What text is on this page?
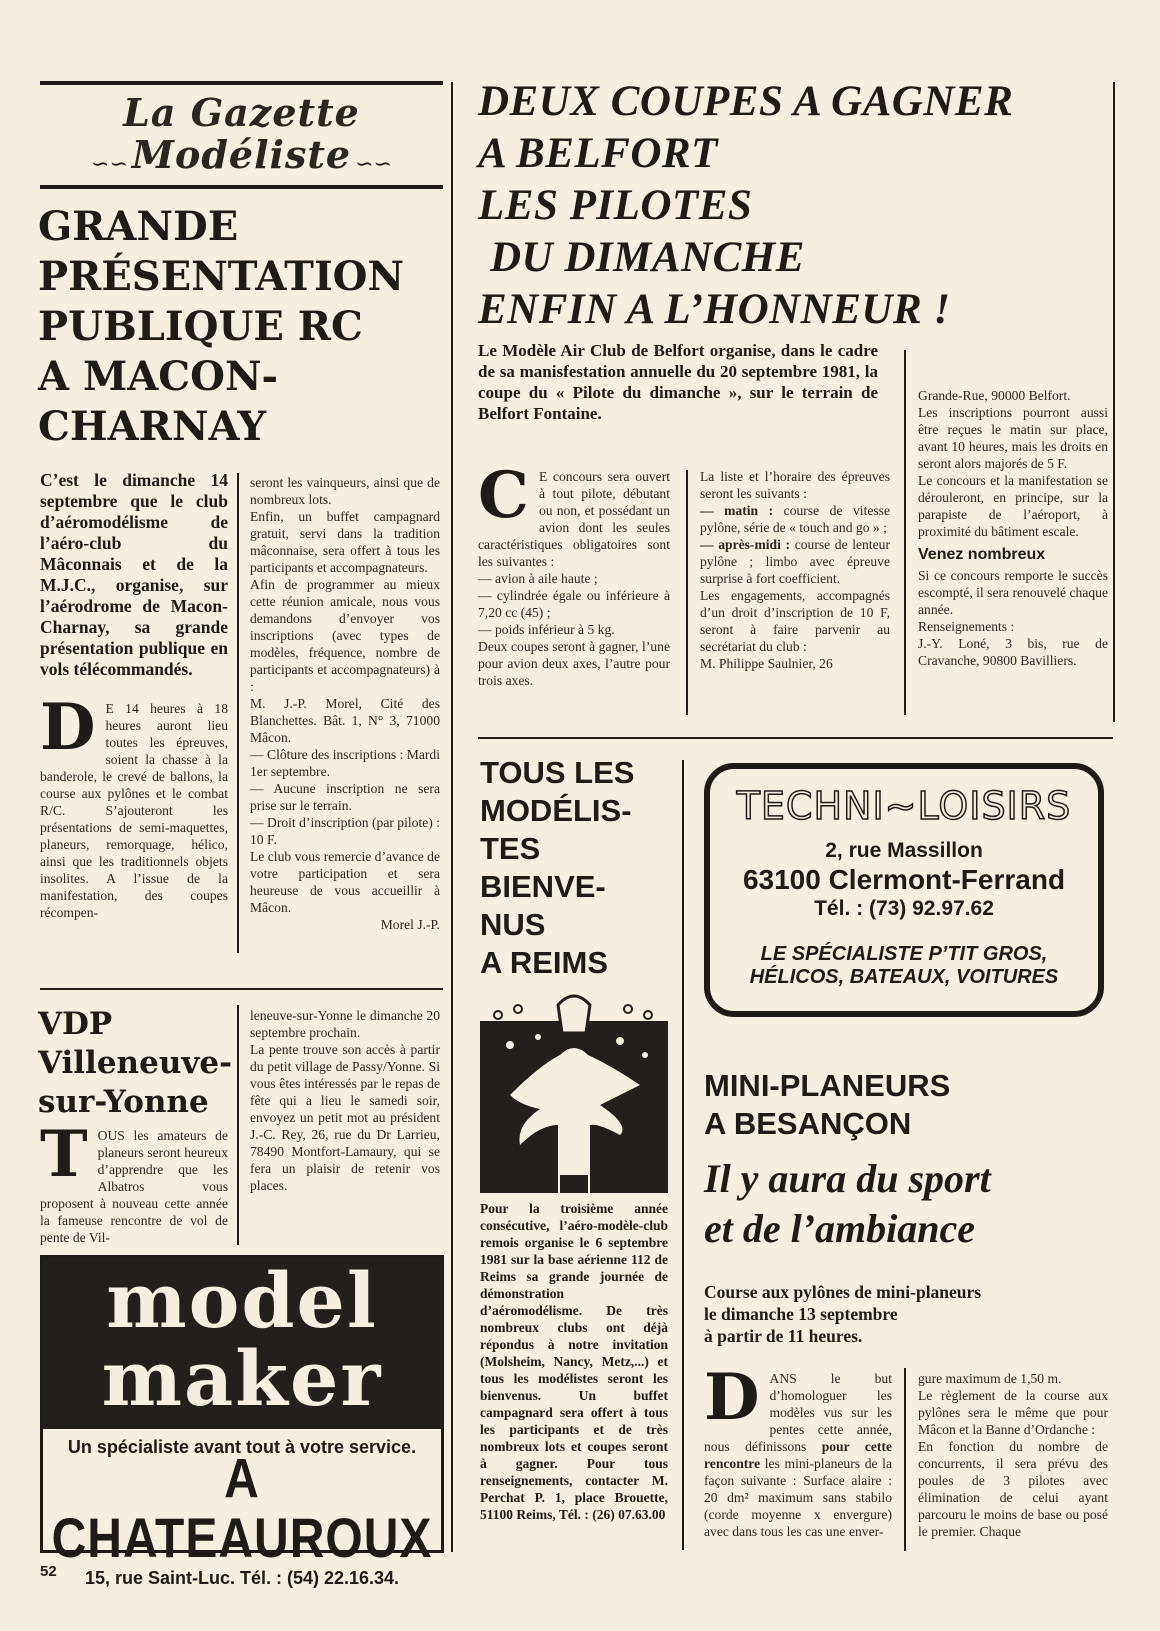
La Gazette
∽∽ Modéliste ∽∽
GRANDE
PRÉSENTATION
PUBLIQUE RC
A MACON-
CHARNAY

C’est le dimanche 14 septembre que le club d’aéromodélisme de l’aéro-club du Mâconnais et de la M.J.C., organise, sur l’aérodrome de Macon-Charnay, sa grande présentation publique en vols télécommandés.

D E 14 heures à 18 heures auront lieu toutes les épreuves, soient la chasse à la banderole, le crevé de ballons, la course aux pylônes et le combat R/C. S’ajouteront les présentations de semi-maquettes, planeurs, remorquage, hélico, ainsi que les traditionnels objets insolites. A l’issue de la manifestation, des coupes récompen-

seront les vainqueurs, ainsi que de nombreux lots.

Enfin, un buffet campagnard gratuit, servi dans la tradition mâconnaise, sera offert à tous les participants et accompagnateurs.

Afin de programmer au mieux cette réunion amicale, nous vous demandons d’envoyer vos inscriptions (avec types de modèles, fréquence, nombre de participants et accompagnateurs) à :

M. J.-P. Morel, Cité des Blanchettes. Bât. 1, N° 3, 71000 Mâcon.

— Clôture des inscriptions : Mardi 1er septembre.

— Aucune inscription ne sera prise sur le terrain.

— Droit d’inscription (par pilote) : 10 F.

Le club vous remercie d’avance de votre participation et sera heureuse de vous accueillir à Mâcon.

Morel J.-P.

VDP
Villeneuve-
sur-Yonne
T OUS les amateurs de planeurs seront heureux d’apprendre que les Albatros vous proposent à nouveau cette année la fameuse rencontre de vol de pente de Vil-

leneuve-sur-Yonne le dimanche 20 septembre prochain.

La pente trouve son accès à partir du petit village de Passy/Yonne. Si vous êtes intéressés par le repas de fête qui a lieu le samedi soir, envoyez un petit mot au président J.-C. Rey, 26, rue du Dr Larrieu, 78490 Montfort-Lamaury, qui se fera un plaisir de retenir vos places.

model
maker
Un spécialiste avant tout à votre service.
A CHATEAUROUX
15, rue Saint-Luc. Tél. : (54) 22.16.34.
52
DEUX COUPES A GAGNER
A BELFORT
LES PILOTES
DU DIMANCHE
ENFIN A L’HONNEUR !

Le Modèle Air Club de Belfort organise, dans le cadre de sa manisfestation annuelle du 20 septembre 1981, la coupe du « Pilote du dimanche », sur le terrain de Belfort Fontaine.

C E concours sera ouvert à tout pilote, débutant ou non, et possédant un avion dont les seules caractéristiques obligatoires sont les suivantes :

— avion à aile haute ;

— cylindrée égale ou inférieure à 7,20 cc (45) ;

— poids inférieur à 5 kg.

Deux coupes seront à gagner, l’une pour avion deux axes, l’autre pour trois axes.

La liste et l’horaire des épreuves seront les suivants :

— matin : course de vitesse pylône, série de « touch and go » ;

— après-midi : course de lenteur pylône ; limbo avec épreuve surprise à fort coefficient.

Les engagements, accompagnés d’un droit d’inscription de 10 F, seront à faire parvenir au secrétariat du club :

M. Philippe Saulnier, 26

Grande-Rue, 90000 Belfort.

Les inscriptions pourront aussi être reçues le matin sur place, avant 10 heures, mais les droits en seront alors majorés de 5 F.

Le concours et la manifestation se dérouleront, en principe, sur la parapiste de l’aéroport, à proximité du bâtiment escale.

Venez nombreux

Si ce concours remporte le succès escompté, il sera renouvelé chaque année.

Renseignements :

J.-Y. Loné, 3 bis, rue de Cravanche, 90800 Bavilliers.

TOUS LES
MODÉLIS-
TES
BIENVE-
NUS
A REIMS

Pour la troisième année consécutive, l’aéro-modèle-club remois organise le 6 septembre 1981 sur la base aérienne 112 de Reims sa grande journée de démonstration d’aéromodélisme. De très nombreux clubs ont déjà répondus à notre invitation (Molsheim, Nancy, Metz,...) et tous les modélistes seront les bienvenus. Un buffet campagnard sera offert à tous les participants et de très nombreux lots et coupes seront à gagner. Pour tous renseignements, contacter M. Perchat P. 1, place Brouette, 51100 Reims, Tél. : (26) 07.63.00

TECHNI~LOISIRS
2, rue Massillon
63100 Clermont-Ferrand
Tél. : (73) 92.97.62
LE SPÉCIALISTE P’TIT GROS,
HÉLICOS, BATEAUX, VOITURES
MINI-PLANEURS
A BESANÇON
Il y aura du sport
et de l’ambiance
Course aux pylônes de mini-planeurs
le dimanche 13 septembre
à partir de 11 heures.
D ANS le but d’homologuer les modèles vus sur les pentes cette année, nous définissons pour cette rencontre les mini-planeurs de la façon suivante : Surface alaire : 20 dm² maximum sans stabilo (corde moyenne x envergure) avec dans tous les cas une enver-

gure maximum de 1,50 m.

Le règlement de la course aux pylônes sera le même que pour Mâcon et la Banne d’Ordanche :

En fonction du nombre de concurrents, il sera prévu des poules de 3 pilotes avec élimination de celui ayant parcouru le moins de base ou posé le premier. Chaque
